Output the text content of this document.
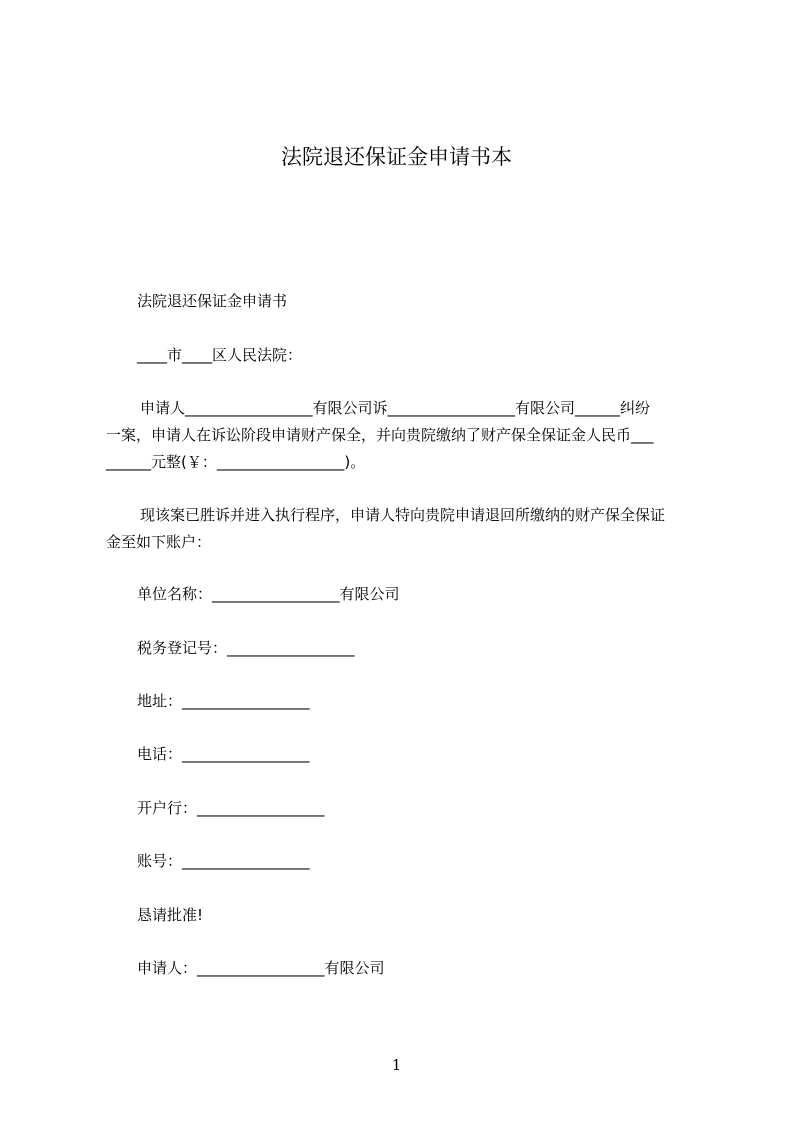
法院退还保证金申请书本
法院退还保证金申请书
____市____区人民法院：
申请人_________________有限公司诉_________________有限公司______纠纷
一案，申请人在诉讼阶段申请财产保全，并向贵院缴纳了财产保全保证金人民币___
______元整(￥：_________________)。
现该案已胜诉并进入执行程序，申请人特向贵院申请退回所缴纳的财产保全保证
金至如下账户：
单位名称：_________________有限公司
税务登记号：_________________
地址：_________________
电话：_________________
开户行：_________________
账号：_________________
恳请批准!
申请人：_________________有限公司
1
